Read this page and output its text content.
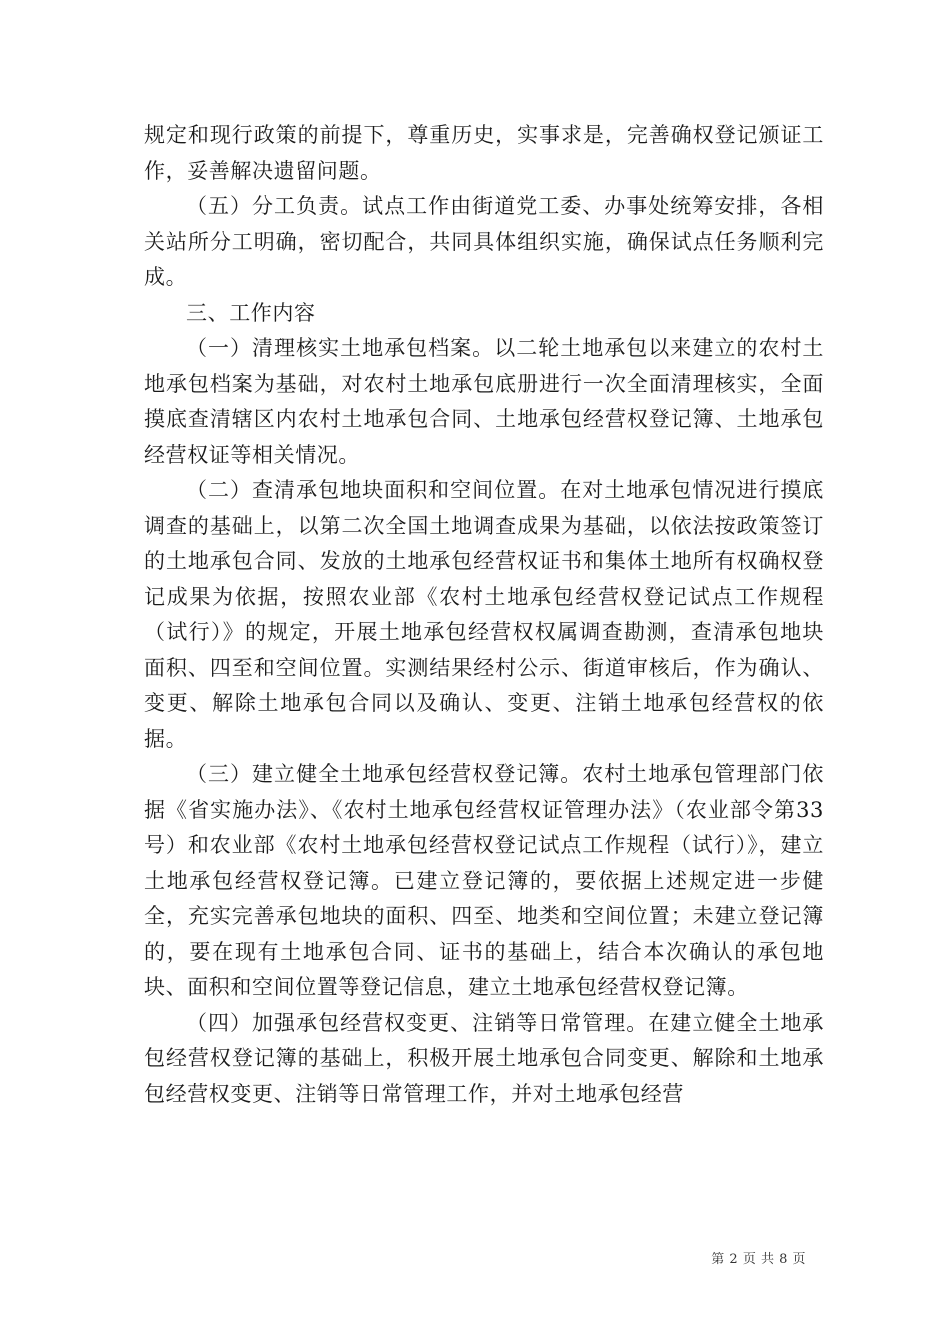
规定和现行政策的前提下，尊重历史，实事求是，完善确权登记颁证工作，妥善解决遗留问题。

（五）分工负责。试点工作由街道党工委、办事处统筹安排，各相关站所分工明确，密切配合，共同具体组织实施，确保试点任务顺利完成。

三、工作内容

（一）清理核实土地承包档案。以二轮土地承包以来建立的农村土地承包档案为基础，对农村土地承包底册进行一次全面清理核实，全面摸底查清辖区内农村土地承包合同、土地承包经营权登记簿、土地承包经营权证等相关情况。

（二）查清承包地块面积和空间位置。在对土地承包情况进行摸底调查的基础上，以第二次全国土地调查成果为基础，以依法按政策签订的土地承包合同、发放的土地承包经营权证书和集体土地所有权确权登记成果为依据，按照农业部《农村土地承包经营权登记试点工作规程（试行）》的规定，开展土地承包经营权权属调查勘测，查清承包地块面积、四至和空间位置。实测结果经村公示、街道审核后，作为确认、变更、解除土地承包合同以及确认、变更、注销土地承包经营权的依据。

（三）建立健全土地承包经营权登记簿。农村土地承包管理部门依据《省实施办法》、《农村土地承包经营权证管理办法》（农业部令第33号）和农业部《农村土地承包经营权登记试点工作规程（试行）》，建立土地承包经营权登记簿。已建立登记簿的，要依据上述规定进一步健全，充实完善承包地块的面积、四至、地类和空间位置；未建立登记簿的，要在现有土地承包合同、证书的基础上，结合本次确认的承包地块、面积和空间位置等登记信息，建立土地承包经营权登记簿。

（四）加强承包经营权变更、注销等日常管理。在建立健全土地承包经营权登记簿的基础上，积极开展土地承包合同变更、解除和土地承包经营权变更、注销等日常管理工作，并对土地承包经营

第 2 页 共 8 页
